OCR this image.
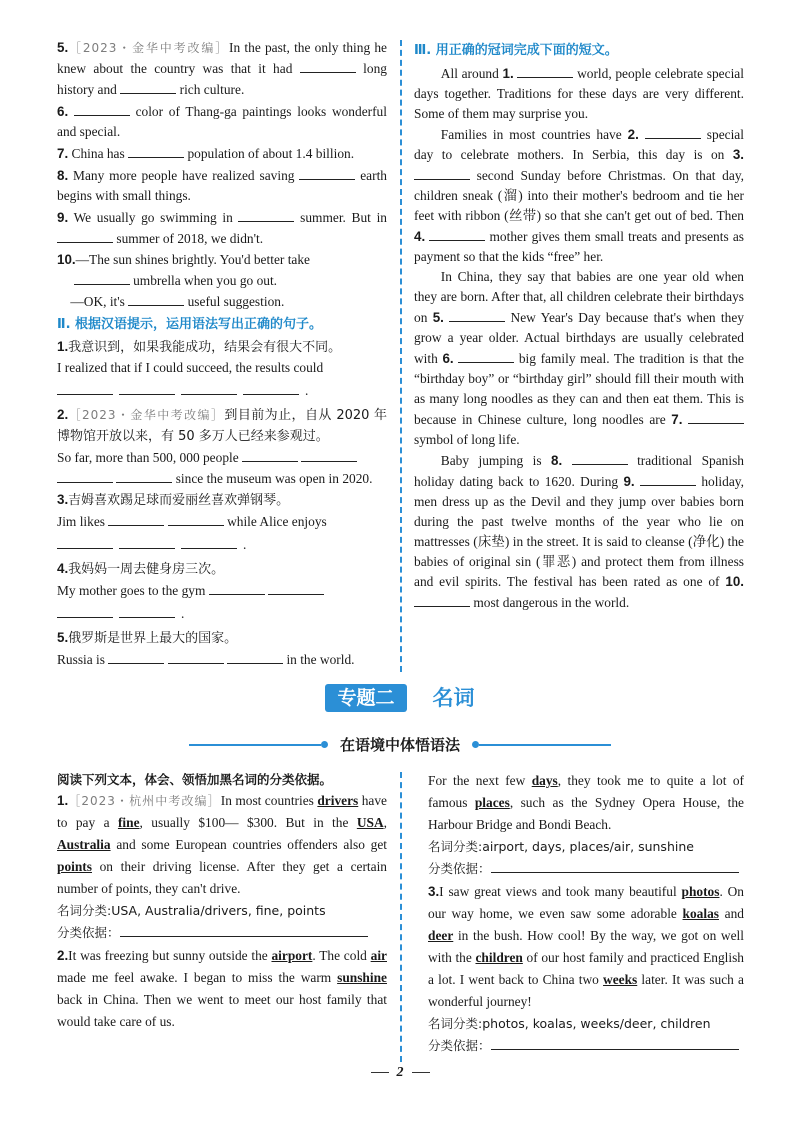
5.［2023・金华中考改编］In the past, the only thing he knew about the country was that it had	long history and	rich culture.
6.	color of Thang-ga paintings looks wonderful and special.
7. China has	population of about 1.4 billion.
8. Many more people have realized saving	earth begins with small things.
9. We usually go swimming in	summer. But in  summer of 2018, we didn't.
10.—The sun shines brightly. You'd better take
umbrella when you go out.
—OK, it's	useful suggestion.
Ⅱ. 根据汉语提示，运用语法写出正确的句子。
1.我意识到，如果我能成功，结果会有很大不同。
I realized that if I could succeed, the results could
.
2.［2023・金华中考改编］到目前为止，自从 2020 年博物馆开放以来，有 50 多万人已经来参观过。
So far, more than 500, 000 people
since the museum was open in 2020.
3.吉姆喜欢踢足球而爱丽丝喜欢弹钢琴。
Jim likes	while Alice enjoys
.
4.我妈妈一周去健身房三次。
My mother goes to the gym
.
5.俄罗斯是世界上最大的国家。
Russia is	in the world.
Ⅲ. 用正确的冠词完成下面的短文。

All around 1.	world, people celebrate special days together. Traditions for these days are very different. Some of them may surprise you.

Families in most countries have 2.	special day to celebrate mothers. In Serbia, this day is on 3.  second Sunday before Christmas. On that day, children sneak (溜) into their mother's bedroom and tie her feet with ribbon (丝带) so that she can't get out of bed. Then 4.	mother gives them small treats and presents as payment so that the kids “free” her.

In China, they say that babies are one year old when they are born. After that, all children celebrate their birthdays on 5.	New Year's Day because that's when they grow a year older. Actual birthdays are usually celebrated with 6.	big family meal. The tradition is that the “birthday boy” or “birthday girl” should fill their mouth with as many long noodles as they can and then eat them. This is because in Chinese culture, long noodles are 7.  symbol of long life.

Baby jumping is 8.	traditional Spanish holiday dating back to 1620. During 9.	holiday, men dress up as the Devil and they jump over babies born during the past twelve months of the year who lie on mattresses (床垫) in the street. It is said to cleanse (净化) the babies of original sin (罪恶) and protect them from illness and evil spirits. The festival has been rated as one of 10.  most dangerous in the world.

专题二 名词
在语境中体悟语法
阅读下列文本，体会、领悟加黑名词的分类依据。
1.［2023・杭州中考改编］In most countries drivers have to pay a fine, usually $100— $300. But in the USA, Australia and some European countries offenders also get points on their driving license. After they get a certain number of points, they can't drive.
名词分类:USA, Australia/drivers, fine, points
分类依据：
2.It was freezing but sunny outside the airport. The cold air made me feel awake. I began to miss the warm sunshine back in China. Then we went to meet our host family that would take care of us.
For the next few days, they took me to quite a lot of famous places, such as the Sydney Opera House, the Harbour Bridge and Bondi Beach.
名词分类:airport, days, places/air, sunshine
分类依据：
3.I saw great views and took many beautiful photos. On our way home, we even saw some adorable koalas and deer in the bush. How cool! By the way, we got on well with the children of our host family and practiced English a lot. I went back to China two weeks later. It was such a wonderful journey!
名词分类:photos, koalas, weeks/deer, children
分类依据：
2
